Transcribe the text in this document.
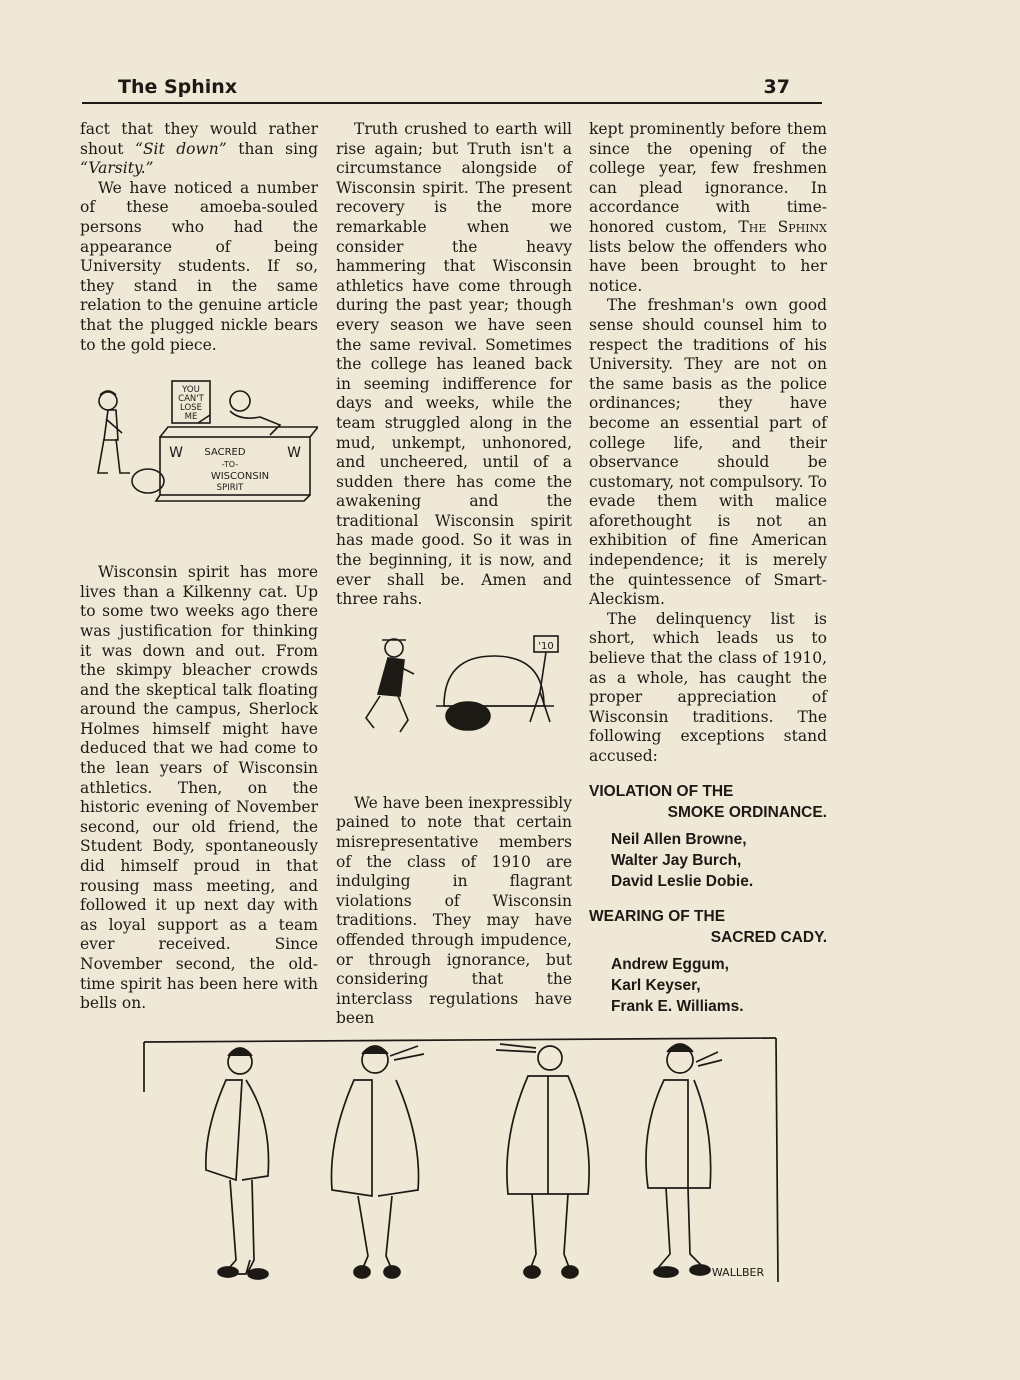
The Sphinx	37

fact that they would rather shout “Sit down” than sing “Varsity.”

We have noticed a number of these amoeba-souled persons who had the appearance of being University students. If so, they stand in the same relation to the genuine article that the plugged nickle bears to the gold piece.

YOU
CAN'T
LOSE
ME
W SACRED	W
-TO-
WISCONSIN
SPIRIT

Wisconsin spirit has more lives than a Kilkenny cat. Up to some two weeks ago there was justification for thinking it was down and out. From the skimpy bleacher crowds and the skeptical talk floating around the campus, Sherlock Holmes himself might have deduced that we had come to the lean years of Wisconsin athletics. Then, on the historic evening of November second, our old friend, the Student Body, spontaneously did himself proud in that rousing mass meeting, and followed it up next day with as loyal support as a team ever received. Since November second, the old-time spirit has been here with bells on.

Truth crushed to earth will rise again; but Truth isn't a circumstance alongside of Wisconsin spirit. The present recovery is the more remarkable when we consider the heavy hammering that Wisconsin athletics have come through during the past year; though every season we have seen the same revival. Sometimes the college has leaned back in seeming indifference for days and weeks, while the team struggled along in the mud, unkempt, unhonored, and uncheered, until of a sudden there has come the awakening and the traditional Wisconsin spirit has made good. So it was in the beginning, it is now, and ever shall be. Amen and three rahs.

'10

We have been inexpressibly pained to note that certain misrepresentative members of the class of 1910 are indulging in flagrant violations of Wisconsin traditions. They may have offended through impudence, or through ignorance, but considering that the interclass regulations have been

kept prominently before them since the opening of the college year, few freshmen can plead ignorance. In accordance with time-honored custom, The Sphinx lists below the offenders who have been brought to her notice.

The freshman's own good sense should counsel him to respect the traditions of his University. They are not on the same basis as the police ordinances; they have become an essential part of college life, and their observance should be customary, not compulsory. To evade them with malice aforethought is not an exhibition of fine American independence; it is merely the quintessence of Smart-Aleckism.

The delinquency list is short, which leads us to believe that the class of 1910, as a whole, has caught the proper appreciation of Wisconsin traditions. The following exceptions stand accused:

VIOLATION OF THE
SMOKE ORDINANCE.
Neil Allen Browne,
Walter Jay Burch,
David Leslie Dobie.
WEARING OF THE
SACRED CADY.
Andrew Eggum,
Karl Keyser,
Frank E. Williams.
WALLBER
